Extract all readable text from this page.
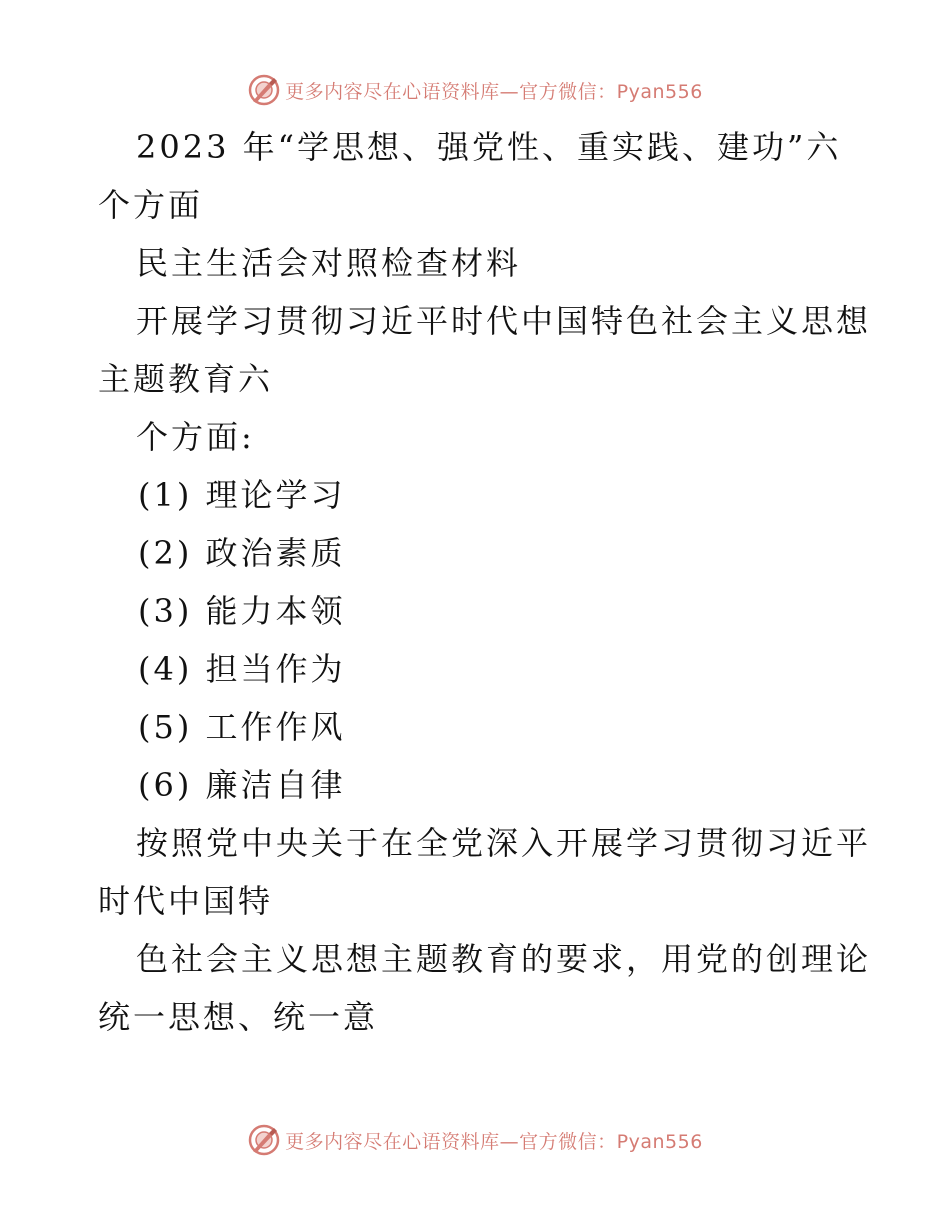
更多内容尽在心语资料库—官方微信：Pyan556

2023 年“学思想、强党性、重实践、建功”六

个方面

民主生活会对照检查材料

开展学习贯彻习近平时代中国特色社会主义思想

主题教育六

个方面:

(1) 理论学习

(2) 政治素质

(3) 能力本领

(4) 担当作为

(5) 工作作风

(6) 廉洁自律

按照党中央关于在全党深入开展学习贯彻习近平

时代中国特

色社会主义思想主题教育的要求，用党的创理论

统一思想、统一意

更多内容尽在心语资料库—官方微信：Pyan556
